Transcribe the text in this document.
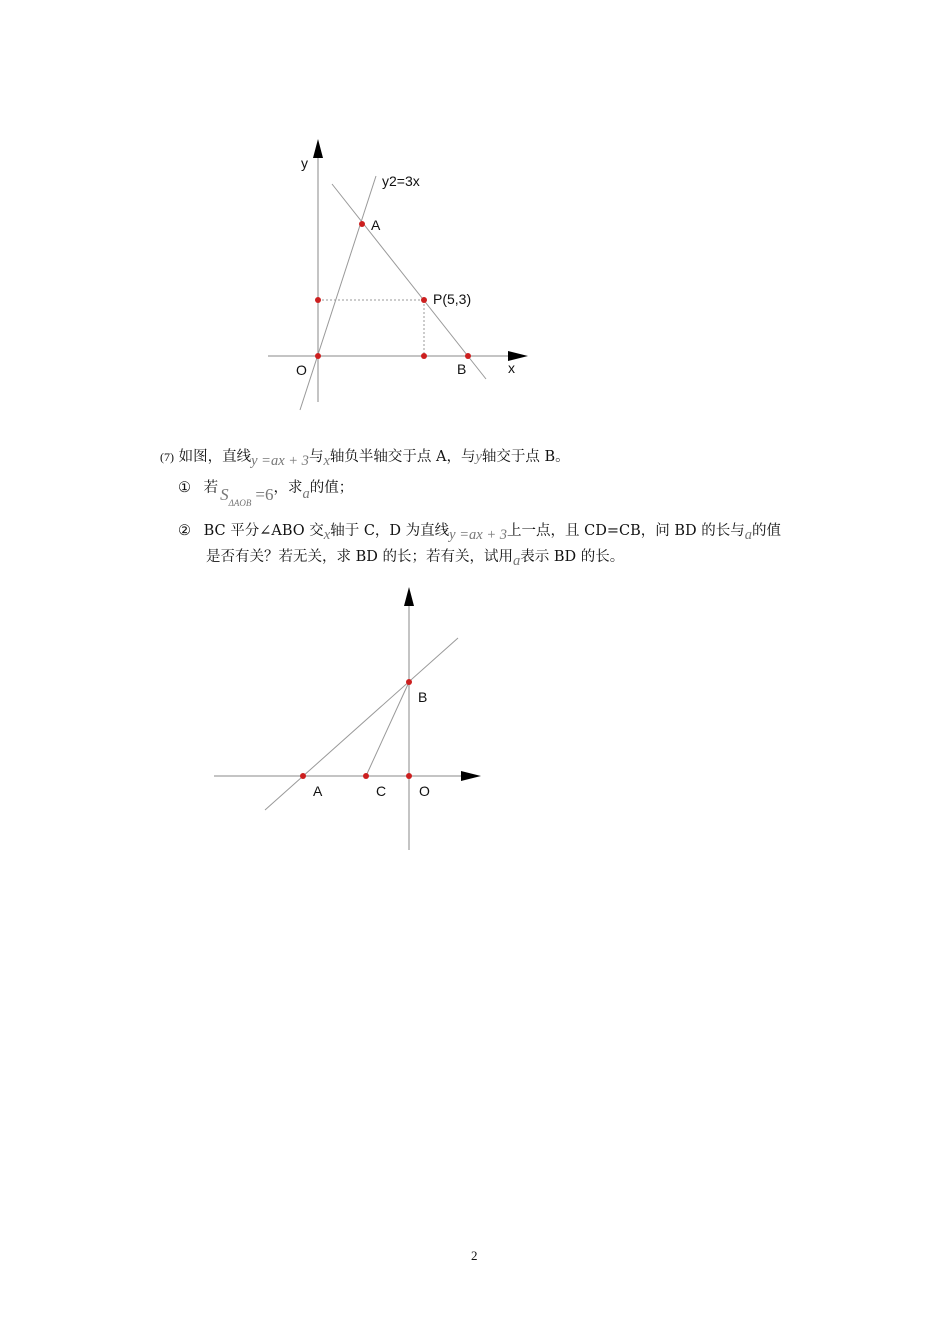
y
y2=3x
A
P(5,3)
O	B	x
B
A	C O
(7) 如图，直线y =ax + 3与x轴负半轴交于点 A，与y轴交于点 B。
① 若 $S_{\Delta AOB} =6$，求a的值；
② BC 平分∠ABO 交x轴于 C，D 为直线y =ax + 3上一点，且 CD=CB，问 BD 的长与a的值
是否有关？若无关，求 BD 的长；若有关，试用a表示 BD 的长。
2
